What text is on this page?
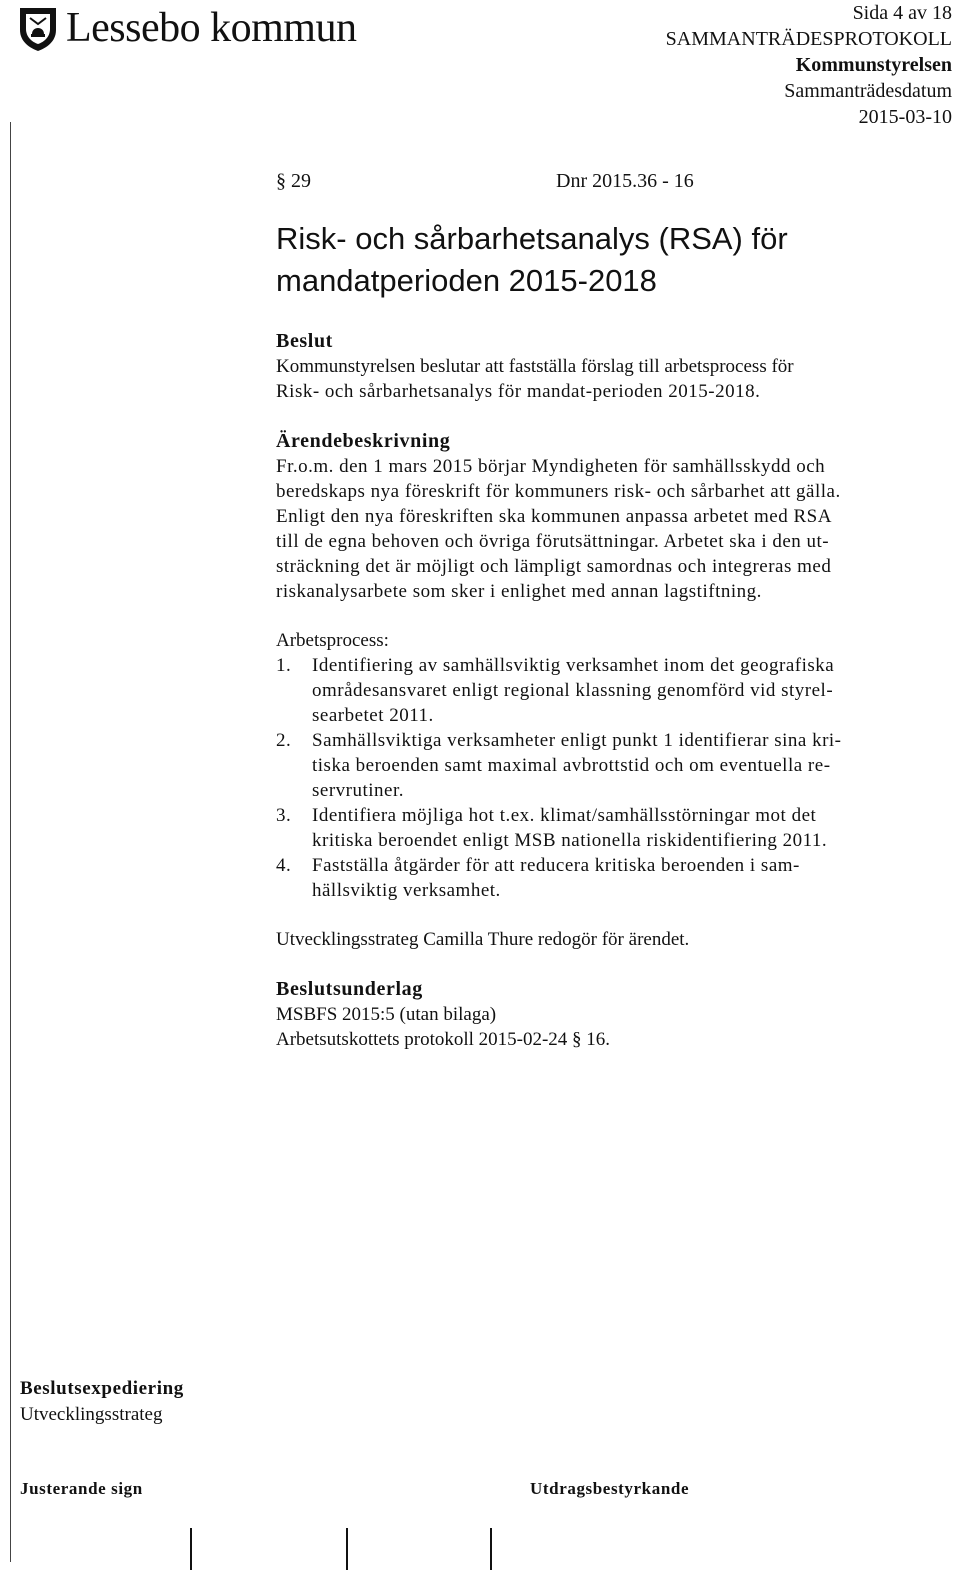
Lessebo kommun	Sida 4 av 18
SAMMANTRÄDESPROTOKOLL
Kommunstyrelsen
Sammanträdesdatum
2015-03-10
§ 29	Dnr 2015.36 - 16
Risk- och sårbarhetsanalys (RSA) för
mandatperioden 2015-2018
Beslut
Kommunstyrelsen beslutar att fastställa förslag till arbetsprocess för
Risk- och sårbarhetsanalys för mandat-perioden 2015-2018.
Ärendebeskrivning
Fr.o.m. den 1 mars 2015 börjar Myndigheten för samhällsskydd och
beredskaps nya föreskrift för kommuners risk- och sårbarhet att gälla.
Enligt den nya föreskriften ska kommunen anpassa arbetet med RSA
till de egna behoven och övriga förutsättningar. Arbetet ska i den ut-
sträckning det är möjligt och lämpligt samordnas och integreras med
riskanalysarbete som sker i enlighet med annan lagstiftning.
Arbetsprocess:
1.	Identifiering av samhällsviktig verksamhet inom det geografiska
områdesansvaret enligt regional klassning genomförd vid styrel-
searbetet 2011.
2.	Samhällsviktiga verksamheter enligt punkt 1 identifierar sina kri-
tiska beroenden samt maximal avbrottstid och om eventuella re-
servrutiner.
3.	Identifiera möjliga hot t.ex. klimat/samhällsstörningar mot det
kritiska beroendet enligt MSB nationella riskidentifiering 2011.
4.	Fastställa åtgärder för att reducera kritiska beroenden i sam-
hällsviktig verksamhet.
Utvecklingsstrateg Camilla Thure redogör för ärendet.
Beslutsunderlag
MSBFS 2015:5 (utan bilaga)
Arbetsutskottets protokoll 2015-02-24 § 16.
Beslutsexpediering
Utvecklingsstrateg
Justerande sign	Utdragsbestyrkande
